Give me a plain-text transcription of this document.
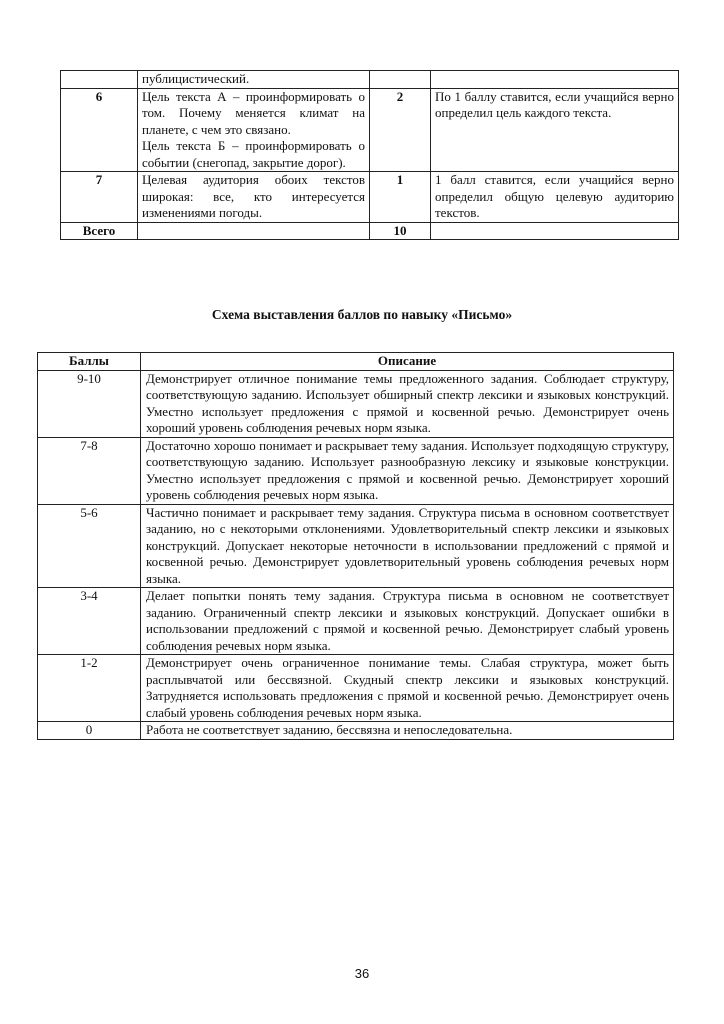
	публицистический.		
6	Цель текста А – проинформировать о том. Почему меняется климат на планете, с чем это связано.
Цель текста Б – проинформировать о событии (снегопад, закрытие дорог).	2	По 1 баллу ставится, если учащийся верно определил цель каждого текста.
7	Целевая аудитория обоих текстов широкая: все, кто интересуется изменениями погоды.	1	1 балл ставится, если учащийся верно определил общую целевую аудиторию текстов.
Всего		10	
Схема выставления баллов по навыку «Письмо»
Баллы	Описание
9-10	Демонстрирует отличное понимание темы предложенного задания. Соблюдает структуру, соответствующую заданию. Использует обширный спектр лексики и языковых конструкций. Уместно использует предложения с прямой и косвенной речью. Демонстрирует очень хороший уровень соблюдения речевых норм языка.
7-8	Достаточно хорошо понимает и раскрывает тему задания. Использует подходящую структуру, соответствующую заданию. Использует разнообразную лексику и языковые конструкции. Уместно использует предложения с прямой и косвенной речью. Демонстрирует хороший уровень соблюдения речевых норм языка.
5-6	Частично понимает и раскрывает тему задания. Структура письма в основном соответствует заданию, но с некоторыми отклонениями. Удовлетворительный спектр лексики и языковых конструкций. Допускает некоторые неточности в использовании предложений с прямой и косвенной речью. Демонстрирует удовлетворительный уровень соблюдения речевых норм языка.
3-4	Делает попытки понять тему задания. Структура письма в основном не соответствует заданию. Ограниченный спектр лексики и языковых конструкций. Допускает ошибки в использовании предложений с прямой и косвенной речью. Демонстрирует слабый уровень соблюдения речевых норм языка.
1-2	Демонстрирует очень ограниченное понимание темы. Слабая структура, может быть расплывчатой или бессвязной. Скудный спектр лексики и языковых конструкций. Затрудняется использовать предложения с прямой и косвенной речью. Демонстрирует очень слабый уровень соблюдения речевых норм языка.
0	Работа не соответствует заданию, бессвязна и непоследовательна.
36
